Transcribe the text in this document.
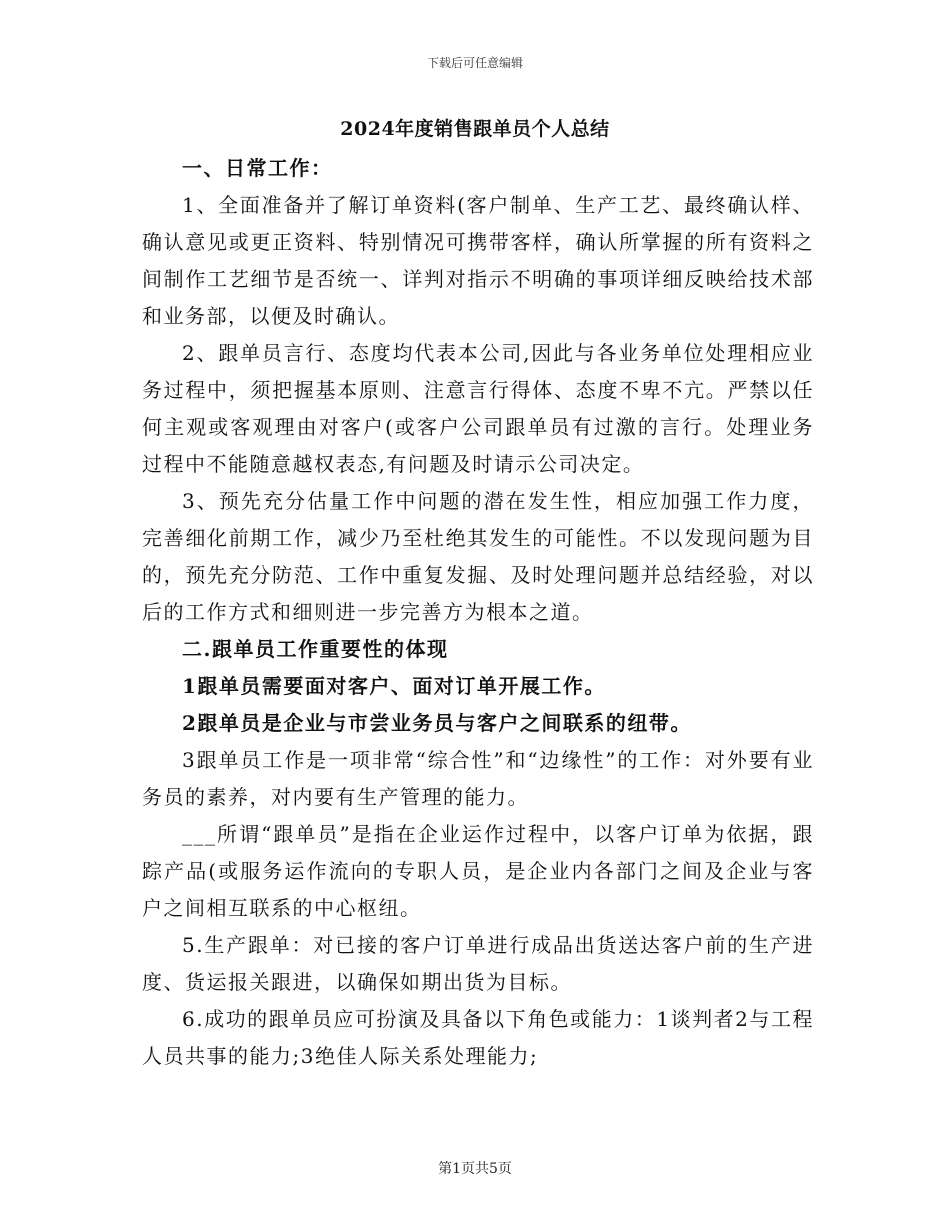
下载后可任意编辑
2024年度销售跟单员个人总结
一、日常工作：
1、全面准备并了解订单资料(客户制单、生产工艺、最终确认样、确认意见或更正资料、特别情况可携带客样，确认所掌握的所有资料之间制作工艺细节是否统一、详判对指示不明确的事项详细反映给技术部和业务部，以便及时确认。
2、跟单员言行、态度均代表本公司,因此与各业务单位处理相应业务过程中，须把握基本原则、注意言行得体、态度不卑不亢。严禁以任何主观或客观理由对客户(或客户公司跟单员有过激的言行。处理业务过程中不能随意越权表态,有问题及时请示公司决定。
3、预先充分估量工作中问题的潜在发生性，相应加强工作力度，完善细化前期工作，减少乃至杜绝其发生的可能性。不以发现问题为目的，预先充分防范、工作中重复发掘、及时处理问题并总结经验，对以后的工作方式和细则进一步完善方为根本之道。
二.跟单员工作重要性的体现
1跟单员需要面对客户、面对订单开展工作。
2跟单员是企业与市尝业务员与客户之间联系的纽带。
3跟单员工作是一项非常“综合性”和“边缘性”的工作：对外要有业务员的素养，对内要有生产管理的能力。
___所谓“跟单员”是指在企业运作过程中，以客户订单为依据，跟踪产品(或服务运作流向的专职人员，是企业内各部门之间及企业与客户之间相互联系的中心枢纽。
5.生产跟单：对已接的客户订单进行成品出货送达客户前的生产进度、货运报关跟进，以确保如期出货为目标。
6.成功的跟单员应可扮演及具备以下角色或能力：1谈判者2与工程人员共事的能力;3绝佳人际关系处理能力;
第1页共5页
